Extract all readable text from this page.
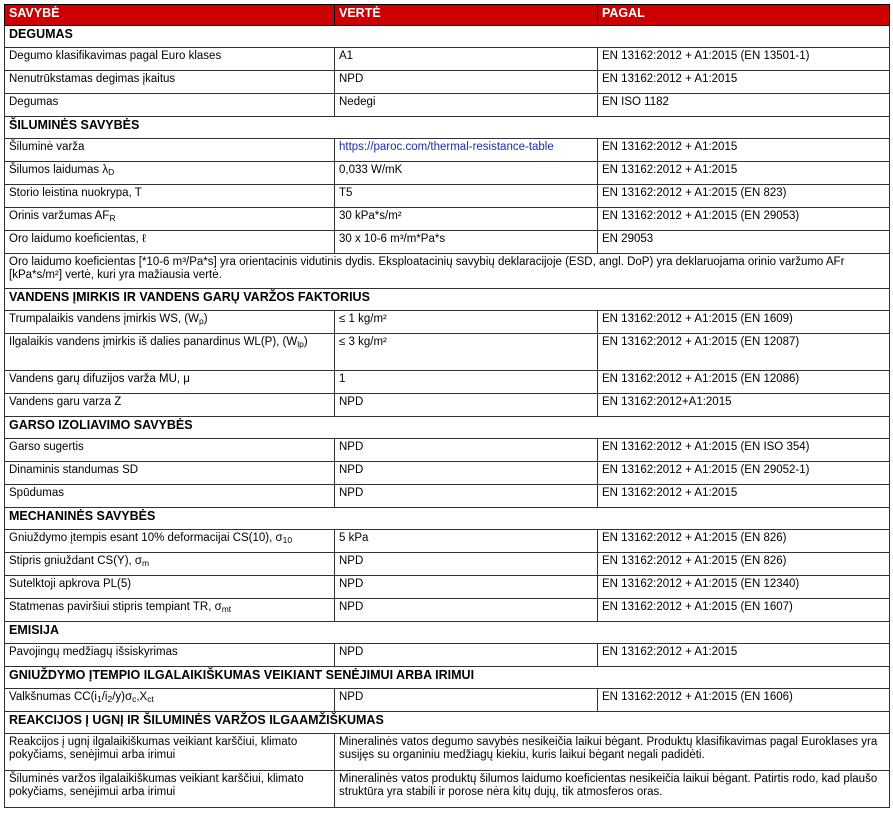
SAVYBĖ	VERTĖ	PAGAL
DEGUMAS		
Degumo klasifikavimas pagal Euro klases	A1	EN 13162:2012 + A1:2015 (EN 13501-1)
Nenutrūkstamas degimas įkaitus	NPD	EN 13162:2012 + A1:2015
Degumas	Nedegi	EN ISO 1182
ŠILUMINĖS SAVYBĖS		
Šiluminė varža	https://paroc.com/thermal-resistance-table	EN 13162:2012 + A1:2015
Šilumos laidumas $\lambda_D$	0,033 W/mK	EN 13162:2012 + A1:2015
Storio leistina nuokrypa, T	T5	EN 13162:2012 + A1:2015 (EN 823)
Orinis varžumas $AF_R$	30 kPa*s/m²	EN 13162:2012 + A1:2015 (EN 29053)
Oro laidumo koeficientas, ℓ	30 x 10-6 m³/m*Pa*s	EN 29053
Oro laidumo koeficientas [*10-6 m³/Pa*s] yra orientacinis vidutinis dydis. Eksploatacinių savybių deklaracijoje (ESD, angl. DoP) yra deklaruojama orinio varžumo AFr [kPa*s/m²] vertė, kuri yra mažiausia vertė.		
VANDENS ĮMIRKIS IR VANDENS GARŲ VARŽOS FAKTORIUS		
Trumpalaikis vandens įmirkis WS, $(W_p)$	≤ 1 kg/m²	EN 13162:2012 + A1:2015 (EN 1609)
Ilgalaikis vandens įmirkis iš dalies panardinus WL(P), $(W_{lp})$	≤ 3 kg/m²	EN 13162:2012 + A1:2015 (EN 12087)
Vandens garų difuzijos varža MU, μ	1	EN 13162:2012 + A1:2015 (EN 12086)
Vandens garu varza Z	NPD	EN 13162:2012+A1:2015
GARSO IZOLIAVIMO SAVYBĖS		
Garso sugertis	NPD	EN 13162:2012 + A1:2015 (EN ISO 354)
Dinaminis standumas SD	NPD	EN 13162:2012 + A1:2015 (EN 29052-1)
Spūdumas	NPD	EN 13162:2012 + A1:2015
MECHANINĖS SAVYBĖS		
Gniuždymo įtempis esant 10% deformacijai CS(10), $\sigma_{10}$	5 kPa	EN 13162:2012 + A1:2015 (EN 826)
Stipris gniuždant CS(Y), $\sigma_m$	NPD	EN 13162:2012 + A1:2015 (EN 826)
Sutelktoji apkrova PL(5)	NPD	EN 13162:2012 + A1:2015 (EN 12340)
Statmenas paviršiui stipris tempiant TR, $\sigma_{mt}$	NPD	EN 13162:2012 + A1:2015 (EN 1607)
EMISIJA		
Pavojingų medžiagų išsiskyrimas	NPD	EN 13162:2012 + A1:2015
GNIUŽDYMO ĮTEMPIO ILGALAIKIŠKUMAS VEIKIANT SENĖJIMUI ARBA IRIMUI		
Valkšnumas $CC(i_1/i_2/y)\sigma_c,X_{ct}$	NPD	EN 13162:2012 + A1:2015 (EN 1606)
REAKCIJOS Į UGNĮ IR ŠILUMINĖS VARŽOS ILGAAMŽIŠKUMAS		
Reakcijos į ugnį ilgalaikiškumas veikiant karščiui, klimato pokyčiams, senėjimui arba irimui	Mineralinės vatos degumo savybės nesikeičia laikui bėgant. Produktų klasifikavimas pagal Euroklases yra susijęs su organiniu medžiagų kiekiu, kuris laikui bėgant negali padidėti.	
Šiluminės varžos ilgalaikiškumas veikiant karščiui, klimato pokyčiams, senėjimui arba irimui	Mineralinės vatos produktų šilumos laidumo koeficientas nesikeičia laikui bėgant. Patirtis rodo, kad plaušo struktūra yra stabili ir porose nėra kitų dujų, tik atmosferos oras.	
